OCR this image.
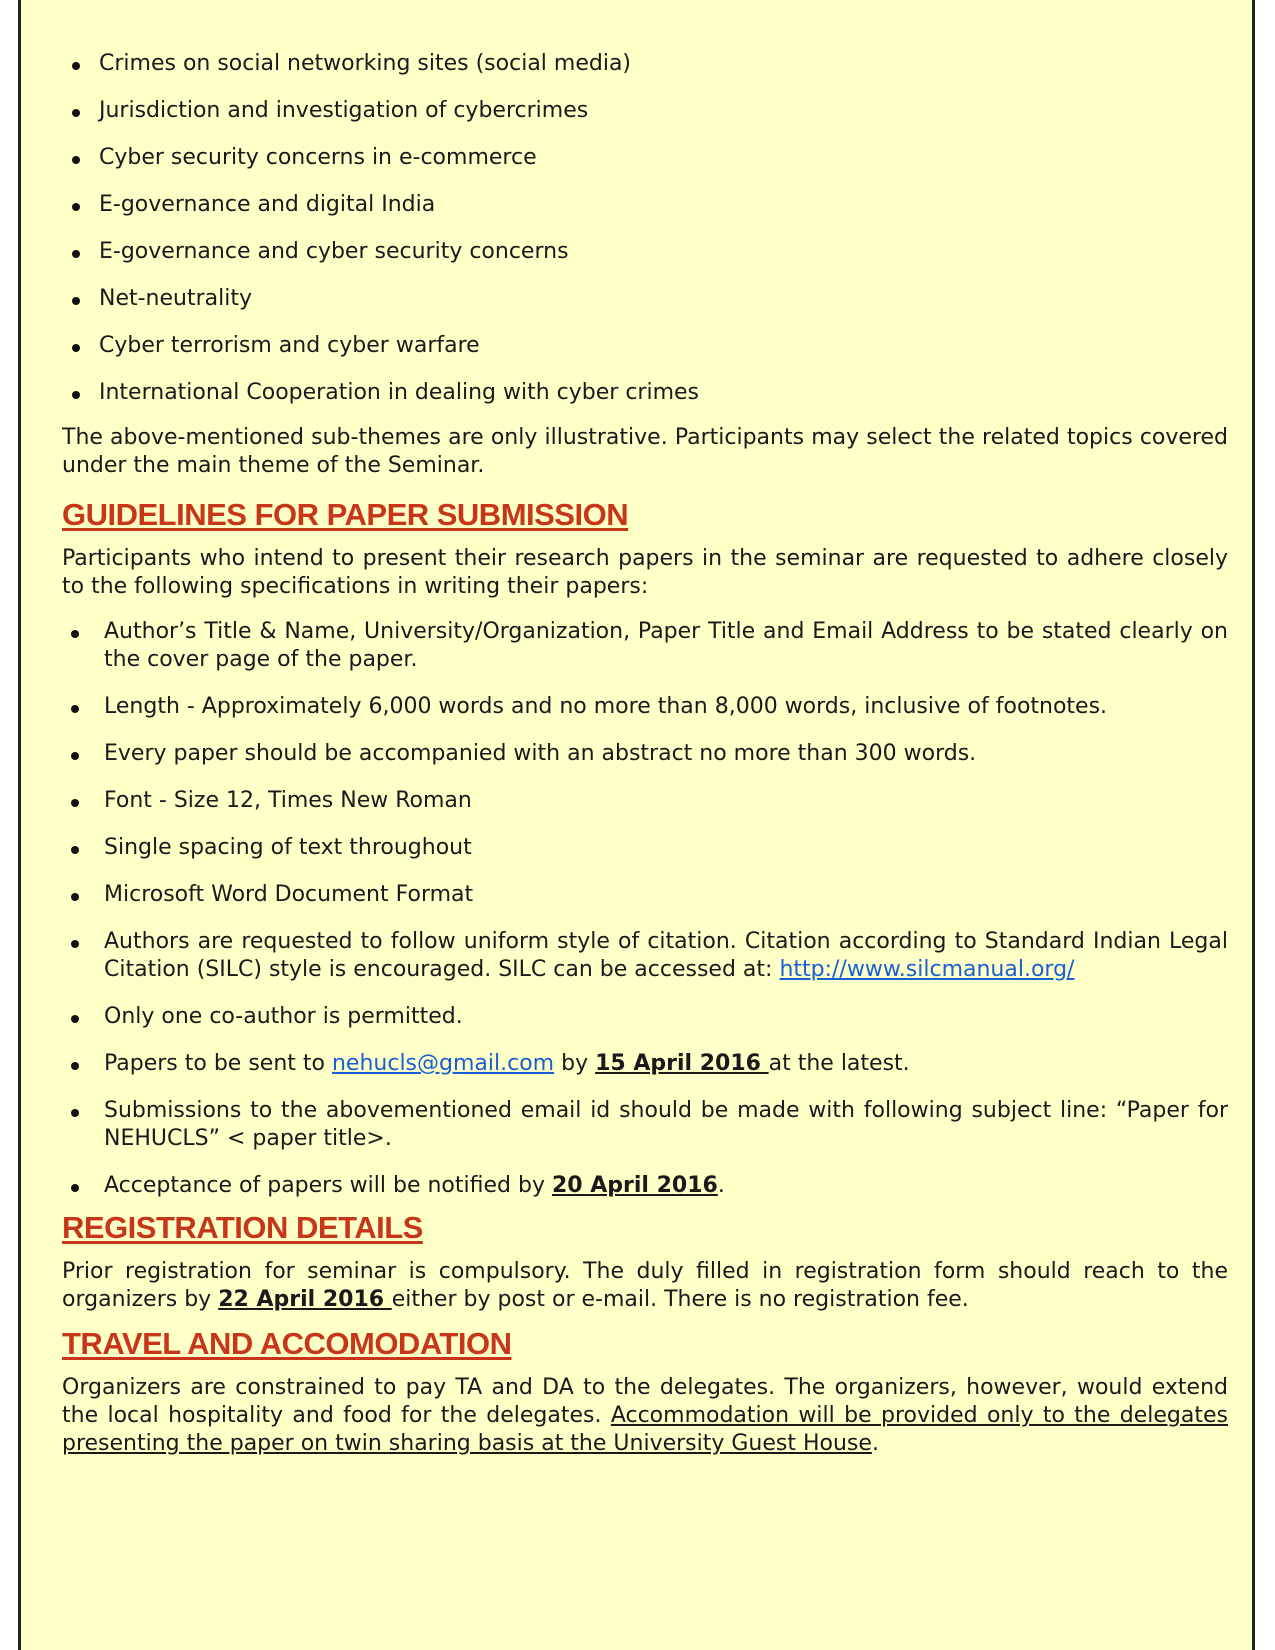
Crimes on social networking sites (social media)
Jurisdiction and investigation of cybercrimes
Cyber security concerns in e-commerce
E-governance and digital India
E-governance and cyber security concerns
Net-neutrality
Cyber terrorism and cyber warfare
International Cooperation in dealing with cyber crimes

The above-mentioned sub-themes are only illustrative. Participants may select the related topics covered under the main theme of the Seminar.

GUIDELINES FOR PAPER SUBMISSION

Participants who intend to present their research papers in the seminar are requested to adhere closely to the following specifications in writing their papers:

Author’s Title & Name, University/Organization, Paper Title and Email Address to be stated clearly on the cover page of the paper.
Length - Approximately 6,000 words and no more than 8,000 words, inclusive of footnotes.
Every paper should be accompanied with an abstract no more than 300 words.
Font - Size 12, Times New Roman
Single spacing of text throughout
Microsoft Word Document Format
Authors are requested to follow uniform style of citation. Citation according to Standard Indian Legal Citation (SILC) style is encouraged. SILC can be accessed at: http://www.silcmanual.org/
Only one co-author is permitted.
Papers to be sent to nehucls@gmail.com by 15 April 2016 at the latest.
Submissions to the abovementioned email id should be made with following subject line: “Paper for NEHUCLS” < paper title>.
Acceptance of papers will be notified by 20 April 2016.
REGISTRATION DETAILS

Prior registration for seminar is compulsory. The duly filled in registration form should reach to the organizers by 22 April 2016 either by post or e-mail. There is no registration fee.

TRAVEL AND ACCOMODATION

Organizers are constrained to pay TA and DA to the delegates. The organizers, however, would extend the local hospitality and food for the delegates. Accommodation will be provided only to the delegates presenting the paper on twin sharing basis at the University Guest House.
